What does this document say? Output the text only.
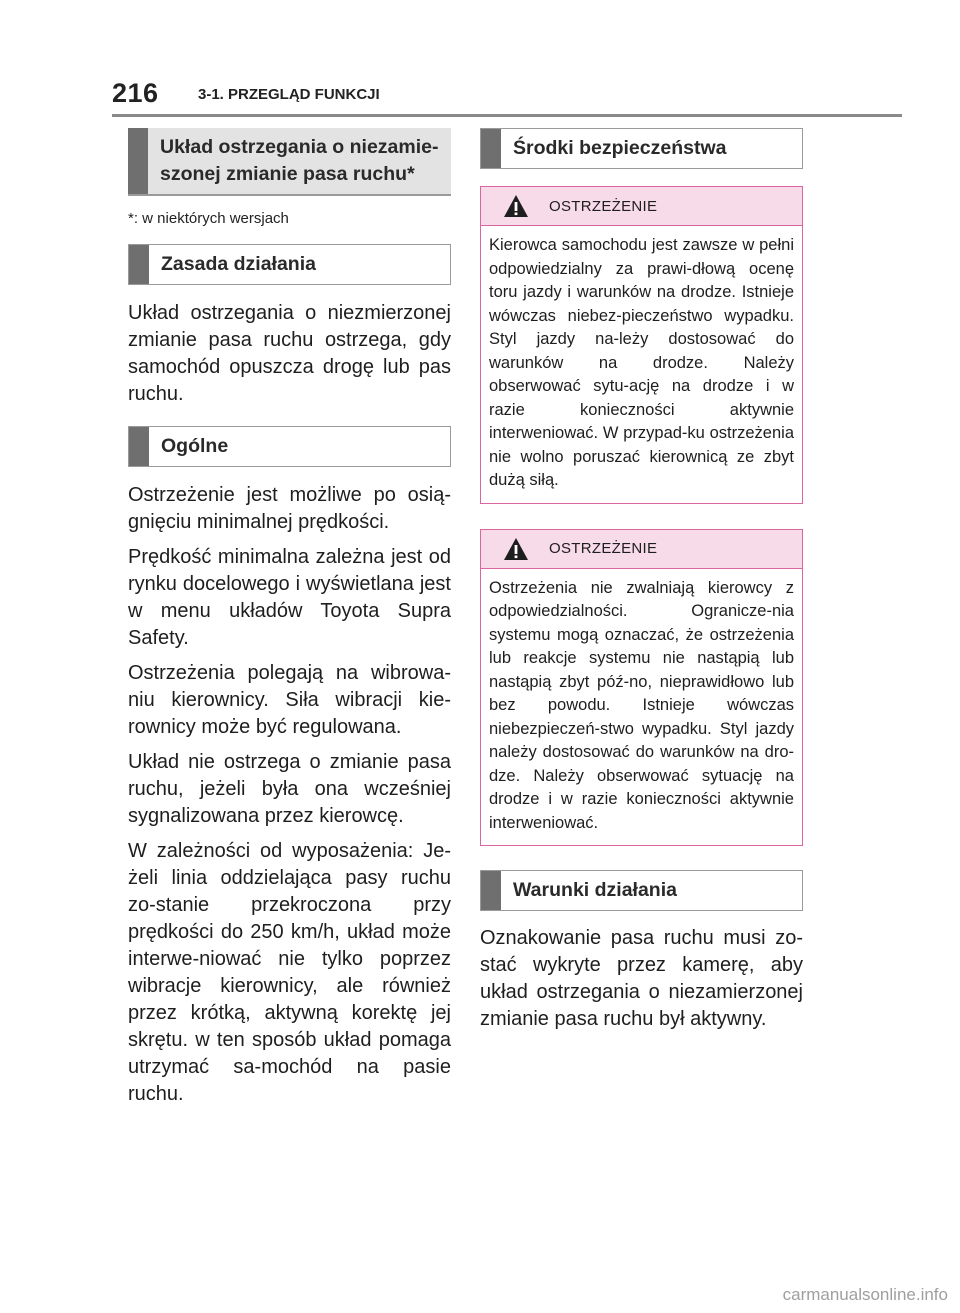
216	3-1. PRZEGLĄD FUNKCJI
Układ ostrzegania o niezamie-szonej zmianie pasa ruchu*
*: w niektórych wersjach
Zasada działania

Układ ostrzegania o niezmierzonej zmianie pasa ruchu ostrzega, gdy samochód opuszcza drogę lub pas ruchu.

Ogólne

Ostrzeżenie jest możliwe po osią-gnięciu minimalnej prędkości.

Prędkość minimalna zależna jest od rynku docelowego i wyświetlana jest w menu układów Toyota Supra Safety.

Ostrzeżenia polegają na wibrowa-niu kierownicy. Siła wibracji kie-rownicy może być regulowana.

Układ nie ostrzega o zmianie pasa ruchu, jeżeli była ona wcześniej sygnalizowana przez kierowcę.

W zależności od wyposażenia: Je-żeli linia oddzielająca pasy ruchu zo-stanie przekroczona przy prędkości do 250 km/h, układ może interwe-niować nie tylko poprzez wibracje kierownicy, ale również przez krótką, aktywną korektę jej skrętu. w ten sposób układ pomaga utrzymać sa-mochód na pasie ruchu.

Środki bezpieczeństwa
OSTRZEŻENIE
Kierowca samochodu jest zawsze w pełni odpowiedzialny za prawi-dłową ocenę toru jazdy i warunków na drodze. Istnieje wówczas niebez-pieczeństwo wypadku. Styl jazdy na-leży dostosować do warunków na drodze. Należy obserwować sytu-ację na drodze i w razie konieczności aktywnie interweniować. W przypad-ku ostrzeżenia nie wolno poruszać kierownicą ze zbyt dużą siłą.
OSTRZEŻENIE
Ostrzeżenia nie zwalniają kierowcy z odpowiedzialności. Ogranicze-nia systemu mogą oznaczać, że ostrzeżenia lub reakcje systemu nie nastąpią lub nastąpią zbyt póź-no, nieprawidłowo lub bez powodu. Istnieje wówczas niebezpieczeń-stwo wypadku. Styl jazdy należy dostosować do warunków na dro-dze. Należy obserwować sytuację na drodze i w razie konieczności aktywnie interweniować.
Warunki działania

Oznakowanie pasa ruchu musi zo-stać wykryte przez kamerę, aby układ ostrzegania o niezamierzonej zmianie pasa ruchu był aktywny.

carmanualsonline.info
